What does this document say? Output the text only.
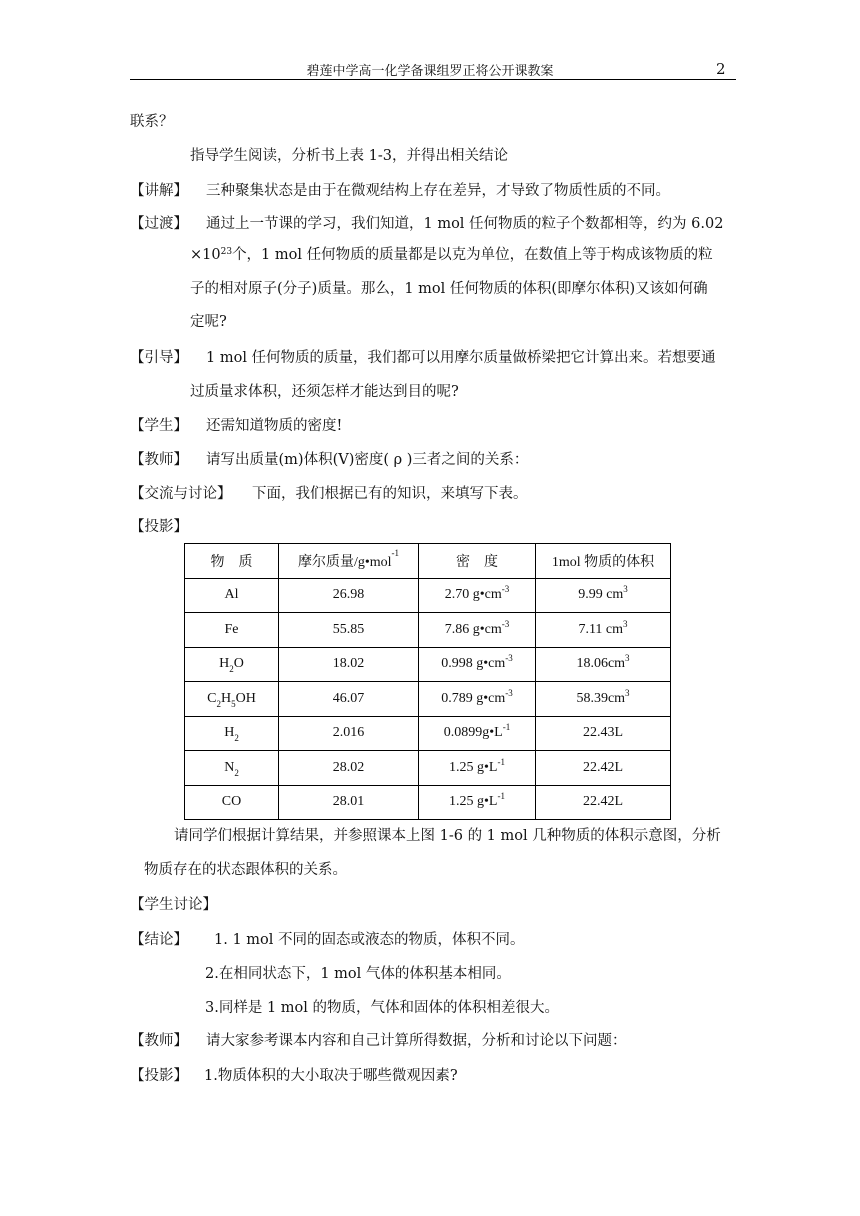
碧莲中学高一化学备课组罗正将公开课教案	2
联系？
指导学生阅读，分析书上表 1-3，并得出相关结论
【讲解】 三种聚集状态是由于在微观结构上存在差异，才导致了物质性质的不同。
【过渡】 通过上一节课的学习，我们知道，1 mol 任何物质的粒子个数都相等，约为 6.02
$\times 10^{23}$个，1 mol 任何物质的质量都是以克为单位，在数值上等于构成该物质的粒
子的相对原子(分子)质量。那么，1 mol 任何物质的体积(即摩尔体积)又该如何确
定呢?
【引导】 1 mol 任何物质的质量，我们都可以用摩尔质量做桥梁把它计算出来。若想要通
过质量求体积，还须怎样才能达到目的呢?
【学生】 还需知道物质的密度!
【教师】 请写出质量(m)体积(V)密度( ρ )三者之间的关系：
【交流与讨论】 下面，我们根据已有的知识，来填写下表。
【投影】
物　质	摩尔质量/g•mol$^{-1}$	密　度	1mol 物质的体积
Al	26.98	2.70 $g•cm^{-3}$	9.99 $cm^3$
Fe	55.85	7.86 $g•cm^{-3}$	7.11 $cm^3$
$H_2O$	18.02	0.998 $g•cm^{-3}$	$18.06cm^3$
$C_2H_5OH$	46.07	0.789 $g•cm^{-3}$	$58.39cm^3$
$H_2$	2.016	$0.0899g•L^{-1}$	22.43L
$N_2$	28.02	1.25 $g•L^{-1}$	22.42L
CO	28.01	1.25 $g•L^{-1}$	22.42L
请同学们根据计算结果，并参照课本上图 1-6 的 1 mol 几种物质的体积示意图，分析
物质存在的状态跟体积的关系。
【学生讨论】
【结论】 1. 1 mol 不同的固态或液态的物质，体积不同。
2.在相同状态下，1 mol 气体的体积基本相同。
3.同样是 1 mol 的物质，气体和固体的体积相差很大。
【教师】 请大家参考课本内容和自己计算所得数据，分析和讨论以下问题：
【投影】 1.物质体积的大小取决于哪些微观因素?
